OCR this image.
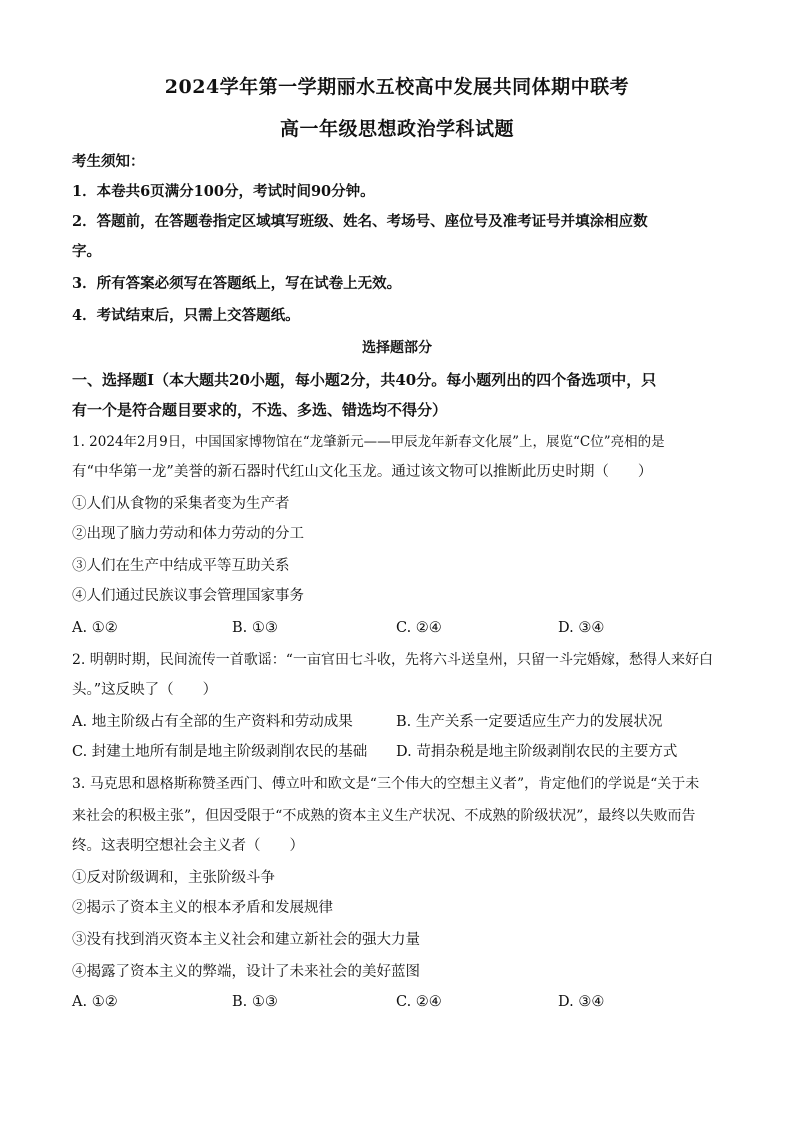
2024学年第一学期丽水五校高中发展共同体期中联考
高一年级思想政治学科试题
考生须知：
1．本卷共6页满分100分，考试时间90分钟。
2．答题前，在答题卷指定区域填写班级、姓名、考场号、座位号及准考证号并填涂相应数
字。
3．所有答案必须写在答题纸上，写在试卷上无效。
4．考试结束后，只需上交答题纸。
选择题部分
一、选择题Ⅰ（本大题共20小题，每小题2分，共40分。每小题列出的四个备选项中，只
有一个是符合题目要求的，不选、多选、错选均不得分）
1. 2024年2月9日，中国国家博物馆在“龙肇新元——甲辰龙年新春文化展”上，展览“C位”亮相的是
有“中华第一龙”美誉的新石器时代红山文化玉龙。通过该文物可以推断此历史时期（　　）
①人们从食物的采集者变为生产者
②出现了脑力劳动和体力劳动的分工
③人们在生产中结成平等互助关系
④人们通过民族议事会管理国家事务
A. ①②	B. ①③	C. ②④	D. ③④
2. 明朝时期，民间流传一首歌谣：“一亩官田七斗收，先将六斗送皇州，只留一斗完婚嫁，愁得人来好白
头。”这反映了（　　）
A. 地主阶级占有全部的生产资料和劳动成果	B. 生产关系一定要适应生产力的发展状况
C. 封建土地所有制是地主阶级剥削农民的基础 D. 苛捐杂税是地主阶级剥削农民的主要方式
3. 马克思和恩格斯称赞圣西门、傅立叶和欧文是“三个伟大的空想主义者”，肯定他们的学说是“关于未
来社会的积极主张”，但因受限于“不成熟的资本主义生产状况、不成熟的阶级状况”，最终以失败而告
终。这表明空想社会主义者（　　）
①反对阶级调和，主张阶级斗争
②揭示了资本主义的根本矛盾和发展规律
③没有找到消灭资本主义社会和建立新社会的强大力量
④揭露了资本主义的弊端，设计了未来社会的美好蓝图
A. ①②	B. ①③	C. ②④	D. ③④
